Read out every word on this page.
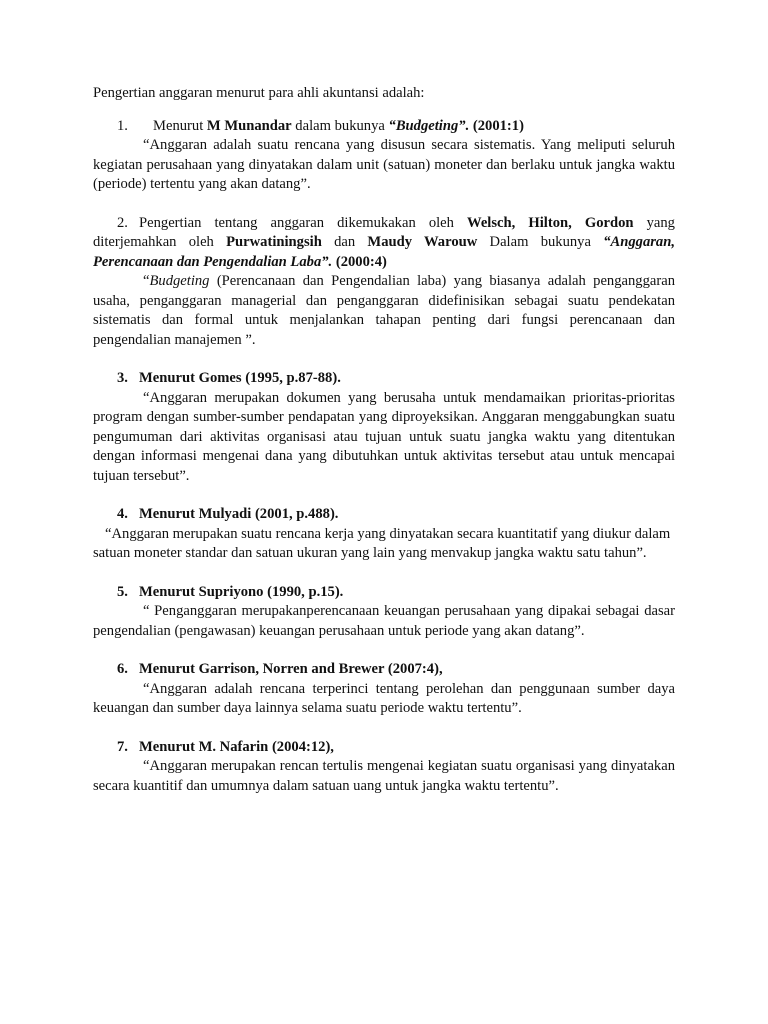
Pengertian anggaran menurut para ahli akuntansi adalah:

1. Menurut M Munandar dalam bukunya “Budgeting”. (2001:1)

“Anggaran adalah suatu rencana yang disusun secara sistematis. Yang meliputi seluruh kegiatan perusahaan yang dinyatakan dalam unit (satuan) moneter dan berlaku untuk jangka waktu (periode) tertentu yang akan datang”.

2. Pengertian tentang anggaran dikemukakan oleh Welsch, Hilton, Gordon yang diterjemahkan oleh Purwatiningsih dan Maudy Warouw Dalam bukunya “Anggaran, Perencanaan dan Pengendalian Laba”. (2000:4)

“Budgeting (Perencanaan dan Pengendalian laba) yang biasanya adalah penganggaran usaha, penganggaran managerial dan penganggaran didefinisikan sebagai suatu pendekatan sistematis dan formal untuk menjalankan tahapan penting dari fungsi perencanaan dan pengendalian manajemen ”.

3. Menurut Gomes (1995, p.87-88).

“Anggaran merupakan dokumen yang berusaha untuk mendamaikan prioritas-prioritas program dengan sumber-sumber pendapatan yang diproyeksikan. Anggaran menggabungkan suatu pengumuman dari aktivitas organisasi atau tujuan untuk suatu jangka waktu yang ditentukan dengan informasi mengenai dana yang dibutuhkan untuk aktivitas tersebut atau untuk mencapai tujuan tersebut”.

4. Menurut Mulyadi (2001, p.488).

“Anggaran merupakan suatu rencana kerja yang dinyatakan secara kuantitatif yang diukur dalam satuan moneter standar dan satuan ukuran yang lain yang menvakup jangka waktu satu tahun”.

5. Menurut Supriyono (1990, p.15).

“ Penganggaran merupakanperencanaan keuangan perusahaan yang dipakai sebagai dasar pengendalian (pengawasan) keuangan perusahaan untuk periode yang akan datang”.

6. Menurut Garrison, Norren and Brewer (2007:4),

“Anggaran adalah rencana terperinci tentang perolehan dan penggunaan sumber daya keuangan dan sumber daya lainnya selama suatu periode waktu tertentu”.

7. Menurut M. Nafarin (2004:12),

“Anggaran merupakan rencan tertulis mengenai kegiatan suatu organisasi yang dinyatakan secara kuantitif dan umumnya dalam satuan uang untuk jangka waktu tertentu”.
